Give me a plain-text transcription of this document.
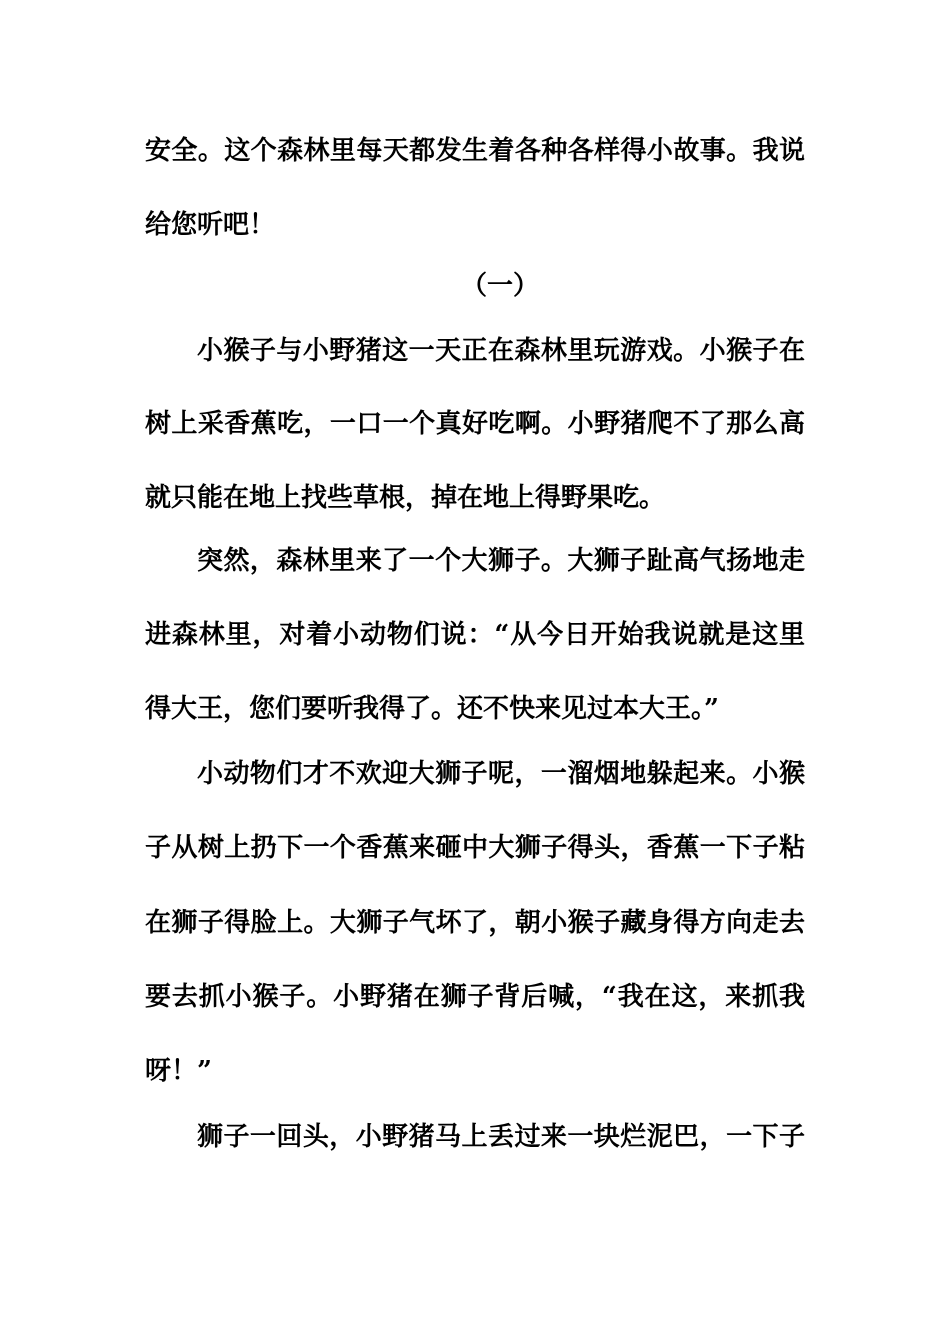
安全。这个森林里每天都发生着各种各样得小故事。我说
给您听吧！
（一）
小猴子与小野猪这一天正在森林里玩游戏。小猴子在
树上采香蕉吃，一口一个真好吃啊。小野猪爬不了那么高
就只能在地上找些草根，掉在地上得野果吃。
突然，森林里来了一个大狮子。大狮子趾高气扬地走
进森林里，对着小动物们说：“从今日开始我说就是这里
得大王，您们要听我得了。还不快来见过本大王。”
小动物们才不欢迎大狮子呢，一溜烟地躲起来。小猴
子从树上扔下一个香蕉来砸中大狮子得头，香蕉一下子粘
在狮子得脸上。大狮子气坏了，朝小猴子藏身得方向走去
要去抓小猴子。小野猪在狮子背后喊，“我在这，来抓我
呀！”
狮子一回头，小野猪马上丢过来一块烂泥巴，一下子
